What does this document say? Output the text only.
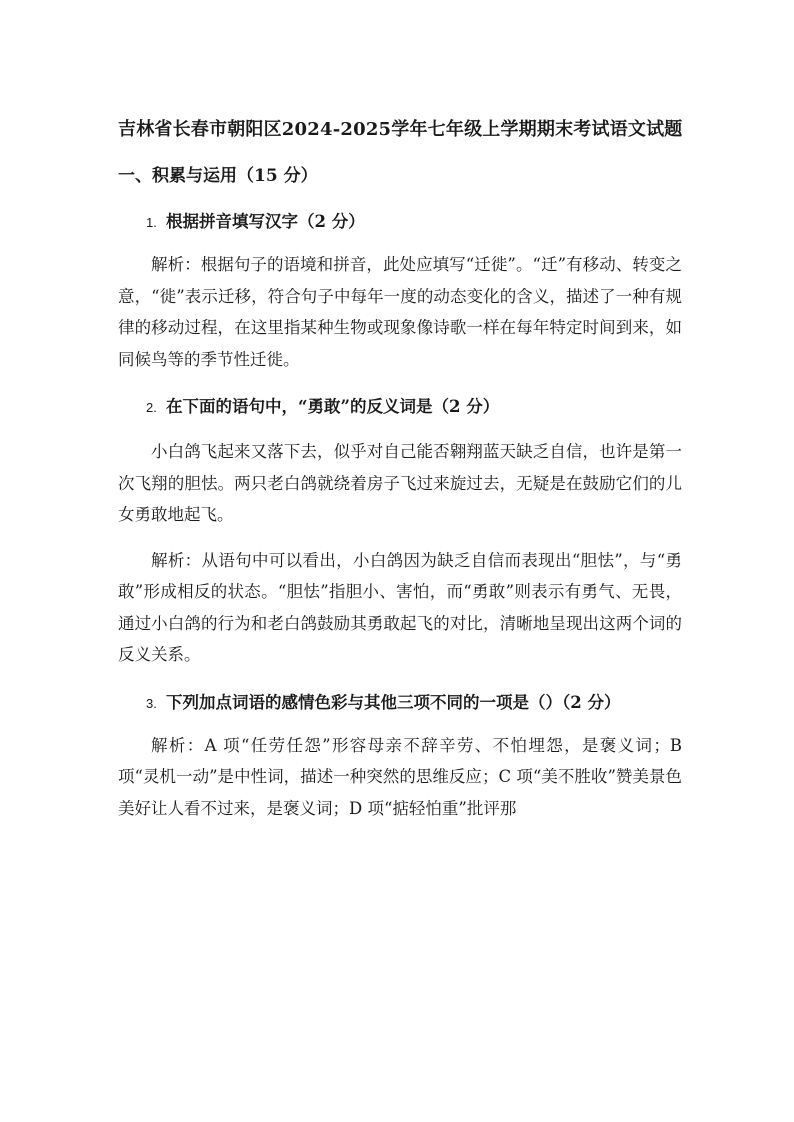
吉林省长春市朝阳区2024-2025学年七年级上学期期末考试语文试题
一、积累与运用（15 分）
1. 根据拼音填写汉字（2 分）

解析：根据句子的语境和拼音，此处应填写“迁徙”。“迁”有移动、转变之意，“徙”表示迁移，符合句子中每年一度的动态变化的含义，描述了一种有规律的移动过程，在这里指某种生物或现象像诗歌一样在每年特定时间到来，如同候鸟等的季节性迁徙。

2. 在下面的语句中，“勇敢”的反义词是（2 分）

小白鸽飞起来又落下去，似乎对自己能否翱翔蓝天缺乏自信，也许是第一次飞翔的胆怯。两只老白鸽就绕着房子飞过来旋过去，无疑是在鼓励它们的儿女勇敢地起飞。

解析：从语句中可以看出，小白鸽因为缺乏自信而表现出“胆怯”，与“勇敢”形成相反的状态。“胆怯”指胆小、害怕，而“勇敢”则表示有勇气、无畏，通过小白鸽的行为和老白鸽鼓励其勇敢起飞的对比，清晰地呈现出这两个词的反义关系。

3. 下列加点词语的感情色彩与其他三项不同的一项是（）（2 分）

解析：A 项“任劳任怨”形容母亲不辞辛劳、不怕埋怨，是褒义词；B 项“灵机一动”是中性词，描述一种突然的思维反应；C 项“美不胜收”赞美景色美好让人看不过来，是褒义词；D 项“掂轻怕重”批评那
